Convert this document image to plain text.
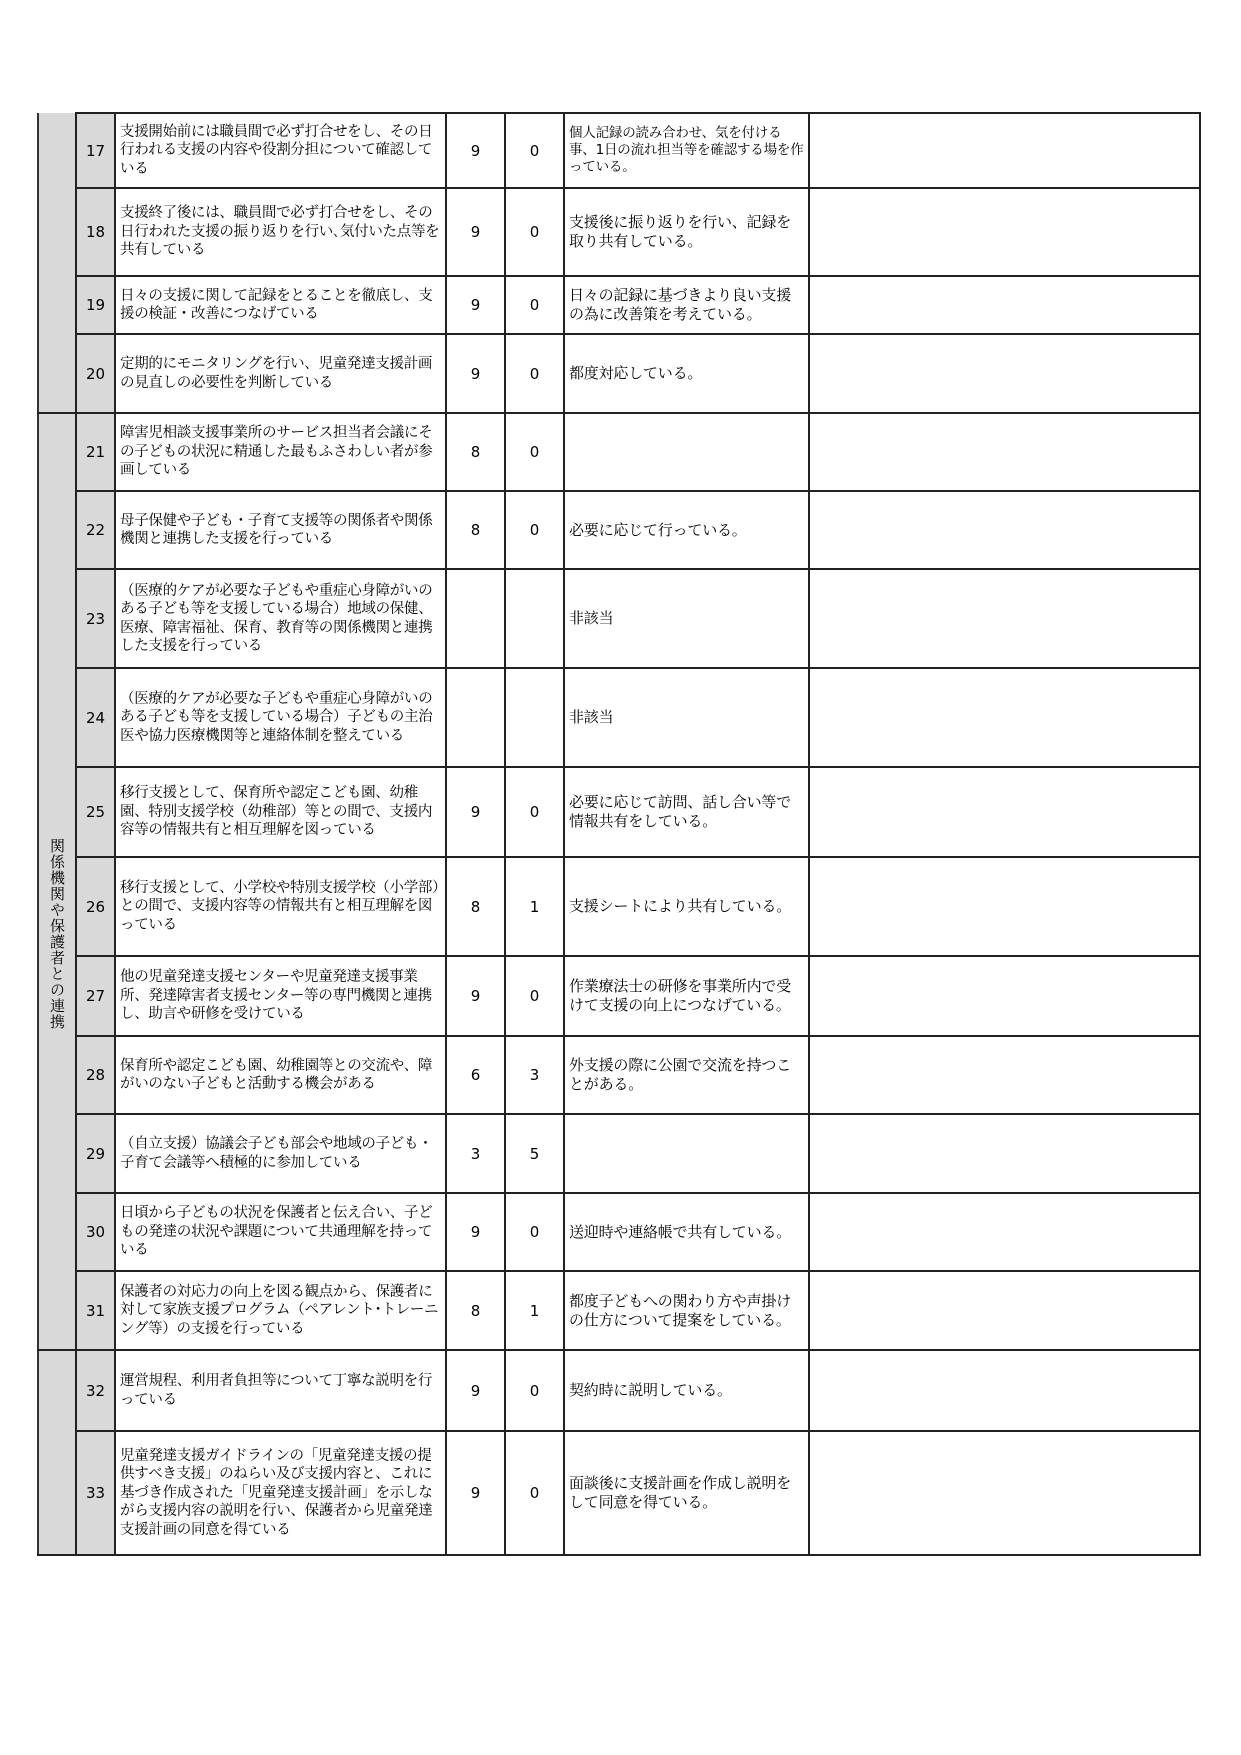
	17	支援開始前には職員間で必ず打合せをし、その日行われる支援の内容や役割分担について確認している	9	0	個人記録の読み合わせ、気を付ける事、1日の流れ担当等を確認する場を作っている。	
	18	支援終了後には、職員間で必ず打合せをし、その日行われた支援の振り返りを行い､気付いた点等を共有している	9	0	支援後に振り返りを行い、記録を取り共有している。	
	19	日々の支援に関して記録をとることを徹底し、支援の検証・改善につなげている	9	0	日々の記録に基づきより良い支援の為に改善策を考えている。	
	20	定期的にモニタリングを行い、児童発達支援計画の見直しの必要性を判断している	9	0	都度対応している。	
関係機関や保護者との連携	21	障害児相談支援事業所のサービス担当者会議にその子どもの状況に精通した最もふさわしい者が参画している	8	0		
	22	母子保健や子ども・子育て支援等の関係者や関係機関と連携した支援を行っている	8	0	必要に応じて行っている。	
	23	（医療的ケアが必要な子どもや重症心身障がいのある子ども等を支援している場合）地域の保健、医療、障害福祉、保育、教育等の関係機関と連携した支援を行っている			非該当	
	24	（医療的ケアが必要な子どもや重症心身障がいのある子ども等を支援している場合）子どもの主治医や協力医療機関等と連絡体制を整えている			非該当	
	25	移行支援として、保育所や認定こども園、幼稚園、特別支援学校（幼稚部）等との間で、支援内容等の情報共有と相互理解を図っている	9	0	必要に応じて訪問、話し合い等で情報共有をしている。	
	26	移行支援として、小学校や特別支援学校（小学部）との間で、支援内容等の情報共有と相互理解を図っている	8	1	支援シートにより共有している。	
	27	他の児童発達支援センターや児童発達支援事業所、発達障害者支援センター等の専門機関と連携し、助言や研修を受けている	9	0	作業療法士の研修を事業所内で受けて支援の向上につなげている。	
	28	保育所や認定こども園、幼稚園等との交流や、障がいのない子どもと活動する機会がある	6	3	外支援の際に公園で交流を持つことがある。	
	29	（自立支援）協議会子ども部会や地域の子ども・子育て会議等へ積極的に参加している	3	5		
	30	日頃から子どもの状況を保護者と伝え合い、子どもの発達の状況や課題について共通理解を持っている	9	0	送迎時や連絡帳で共有している。	
	31	保護者の対応力の向上を図る観点から、保護者に対して家族支援プログラム（ペアレント･トレーニング等）の支援を行っている	8	1	都度子どもへの関わり方や声掛けの仕方について提案をしている。	
	32	運営規程、利用者負担等について丁寧な説明を行っている	9	0	契約時に説明している。	
	33	児童発達支援ガイドラインの「児童発達支援の提供すべき支援」のねらい及び支援内容と、これに基づき作成された「児童発達支援計画」を示しながら支援内容の説明を行い、保護者から児童発達支援計画の同意を得ている	9	0	面談後に支援計画を作成し説明をして同意を得ている。	
